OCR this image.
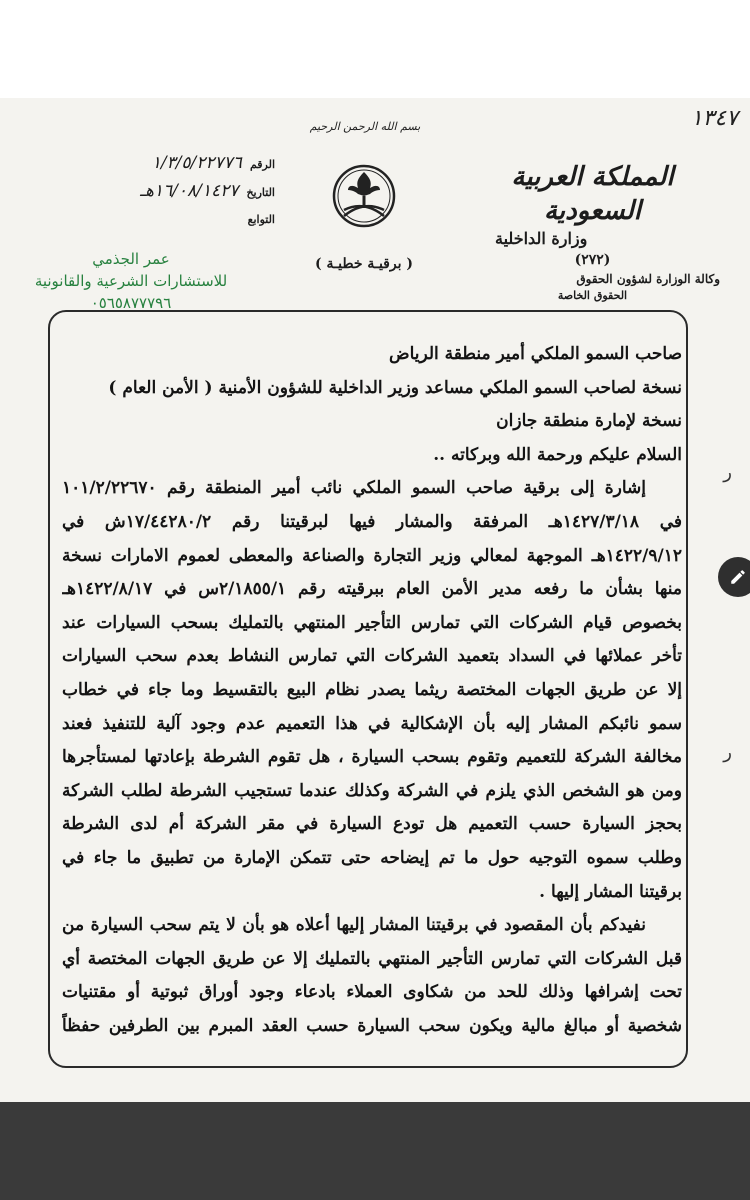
١٣٤٧
بسم الله الرحمن الرحيم
المملكة العربية السعودية
وزارة الداخلية
(٢٧٢)
وكالة الوزارة لشؤون الحقوق
الحقوق الخاصة
( برقيـة خطيـة )
الرقم
١/٣/٥/٢٢٧٧٦
التاريخ
١٦/٠٨/١٤٢٧هـ
التوابع
عمر الجذمي
للاستشارات الشرعية والقانونية
٠٥٦٥٨٧٧٧٩٦
ر
ر

صاحب السمو الملكي أمير منطقة الرياض

نسخة لصاحب السمو الملكي مساعد وزير الداخلية للشؤون الأمنية ( الأمن العام )

نسخة لإمارة منطقة جازان

السلام عليكم ورحمة الله وبركاته ..

إشارة إلى برقية صاحب السمو الملكي نائب أمير المنطقة رقم ١٠١/٢/٢٢٦٧٠

في ١٤٢٧/٣/١٨هـ المرفقة والمشار فيها لبرقيتنا رقم ١٧/٤٤٢٨٠/٢ش في

١٤٢٢/٩/١٢هـ الموجهة لمعالي وزير التجارة والصناعة والمعطى لعموم الامارات نسخة

منها بشأن ما رفعه مدير الأمن العام ببرقيته رقم ٢/١٨٥٥/١س في ١٤٢٢/٨/١٧هـ

بخصوص قيام الشركات التي تمارس التأجير المنتهي بالتمليك بسحب السيارات عند

تأخر عملائها في السداد بتعميد الشركات التي تمارس النشاط بعدم سحب السيارات

إلا عن طريق الجهات المختصة ريثما يصدر نظام البيع بالتقسيط وما جاء في خطاب

سمو نائبكم المشار إليه بأن الإشكالية في هذا التعميم عدم وجود آلية للتنفيذ فعند

مخالفة الشركة للتعميم وتقوم بسحب السيارة ، هل تقوم الشرطة بإعادتها لمستأجرها

ومن هو الشخص الذي يلزم في الشركة وكذلك عندما تستجيب الشرطة لطلب الشركة

بحجز السيارة حسب التعميم هل تودع السيارة في مقر الشركة أم لدى الشرطة

وطلب سموه التوجيه حول ما تم إيضاحه حتى تتمكن الإمارة من تطبيق ما جاء في

برقيتنا المشار إليها .

نفيدكم بأن المقصود في برقيتنا المشار إليها أعلاه هو بأن لا يتم سحب السيارة من

قبل الشركات التي تمارس التأجير المنتهي بالتمليك إلا عن طريق الجهات المختصة أي

تحت إشرافها وذلك للحد من شكاوى العملاء بادعاء وجود أوراق ثبوتية أو مقتنيات

شخصية أو مبالغ مالية ويكون سحب السيارة حسب العقد المبرم بين الطرفين حفظاً
